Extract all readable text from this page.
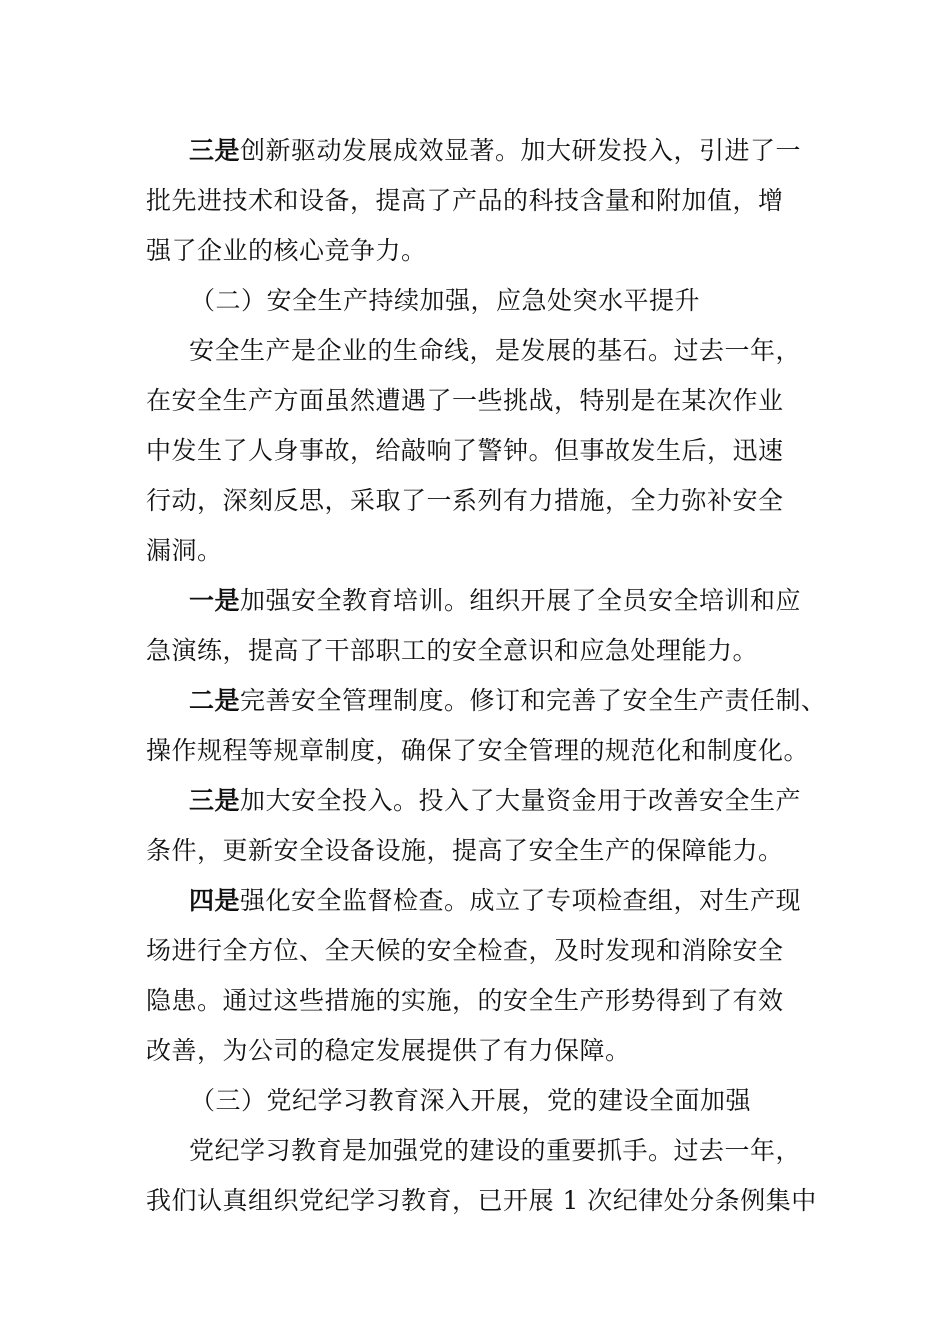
三是创新驱动发展成效显著。加大研发投入，引进了一
批先进技术和设备，提高了产品的科技含量和附加值，增
强了企业的核心竞争力。
（二）安全生产持续加强，应急处突水平提升
安全生产是企业的生命线，是发展的基石。过去一年，
在安全生产方面虽然遭遇了一些挑战，特别是在某次作业
中发生了人身事故，给敲响了警钟。但事故发生后，迅速
行动，深刻反思，采取了一系列有力措施，全力弥补安全
漏洞。
一是加强安全教育培训。组织开展了全员安全培训和应
急演练，提高了干部职工的安全意识和应急处理能力。
二是完善安全管理制度。修订和完善了安全生产责任制、
操作规程等规章制度，确保了安全管理的规范化和制度化。
三是加大安全投入。投入了大量资金用于改善安全生产
条件，更新安全设备设施，提高了安全生产的保障能力。
四是强化安全监督检查。成立了专项检查组，对生产现
场进行全方位、全天候的安全检查，及时发现和消除安全
隐患。通过这些措施的实施，的安全生产形势得到了有效
改善，为公司的稳定发展提供了有力保障。
（三）党纪学习教育深入开展，党的建设全面加强
党纪学习教育是加强党的建设的重要抓手。过去一年，
我们认真组织党纪学习教育，已开展 1 次纪律处分条例集中
